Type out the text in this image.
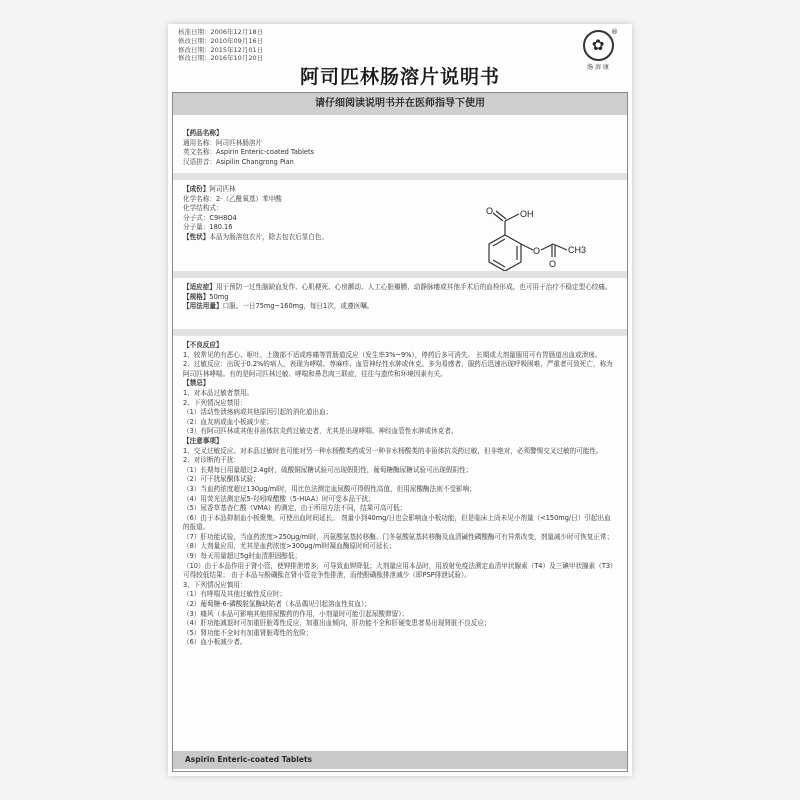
核准日期：2006年12月18日
修改日期：2010年09月16日
修改日期：2015年12月01日
修改日期：2016年10月20日
®
✿
肠 溶 康
阿司匹林肠溶片说明书
请仔细阅读说明书并在医师指导下使用
【药品名称】
通用名称：阿司匹林肠溶片
英文名称：Aspirin Enteric-coated Tablets
汉语拼音：Asipilin Changrong Pian
【成份】阿司匹林
化学名称：2-（乙酰氧基）苯甲酸
化学结构式：
分子式：C9H8O4
分子量：180.16
【性状】本品为肠溶包衣片，除去包衣后显白色。
OH
O
O	CH3
O
【适应症】用于预防一过性脑缺血发作、心肌梗死、心房颤动、人工心脏瓣膜、动静脉瘘或其他手术后的血栓形成。也可用于治疗不稳定型心绞痛。
【规格】50mg
【用法用量】口服。一日75mg~160mg，每日1次，或遵医嘱。
【不良反应】
1、较常见的有恶心、呕吐、上腹部不适或疼痛等胃肠道反应（发生率3%~9%），停药后多可消失。 长期或大剂量服用可有胃肠道出血或溃疡。
2、过敏反应：出现于0.2%的病人，表现为哮喘、荨麻疹、血管神经性水肿或休克。多为易感者，服药后迅速出现呼吸困难，严重者可致死亡，称为阿司匹林哮喘。有的是阿司匹林过敏、哮喘和鼻息肉三联症，往往与遗传和环境因素有关。
【禁忌】
1、对本品过敏者禁用。
2、下列情况应禁用：
（1）活动性溃疡病或其他原因引起的消化道出血；
（2）血友病或血小板减少症；
（3）有阿司匹林或其他非甾体抗炎药过敏史者，尤其是出现哮喘、神经血管性水肿或休克者。
【注意事项】
1、交叉过敏反应。对本品过敏时也可能对另一种水杨酸类药或另一种非水杨酸类的非甾体抗炎药过敏，但非绝对，必须警惕交叉过敏的可能性。
2、对诊断的干扰：
（1）长期每日用量超过2.4g时，硫酸铜尿糖试验可出现假阳性，葡萄糖酶尿糖试验可出现假阴性；
（2）可干扰尿酮体试验；
（3）当血药浓度超过130μg/ml时，用比色法测定血尿酸可得假性高值，但用尿酸酶法则不受影响；
（4）用荧光法测定尿5-羟吲哚醋酸（5-HIAA）时可受本品干扰；
（5）尿香草基杏仁酸（VMA）的测定，由于所用方法不同，结果可高可低；
（6）由于本品抑制血小板聚集，可使出血时间延长。 剂量小到40mg/日也会影响血小板功能，但是临床上尚未见小剂量（<150mg/日）引起出血的报道。
（7）肝功能试验，当血药浓度>250μg/ml时，丙氨酸氨基转移酶、门冬氨酸氨基转移酶及血清碱性磷酸酶可有异常改变，剂量减少时可恢复正常；
（8）大剂量应用，尤其是血药浓度>300μg/ml时凝血酶原时间可延长；
（9）每天用量超过5g时血清胆固醇低；
（10）由于本品作用于肾小管，使钾排泄增多，可导致血钾降低；大剂量应用本品时，用放射免疫法测定血清甲状腺素（T4）及三碘甲状腺素（T3）可得较低结果； 由于本品与酚磺酞在肾小管竞争性排泄，而使酚磺酞排泄减少（即PSP排泄试验）。
3、下列情况应慎用：
（1）有哮喘及其他过敏性反应时；
（2）葡萄糖-6-磷酸脱氢酶缺陷者（本品偶见引起溶血性贫血）；
（3）痛风（本品可影响其他排尿酸药的作用，小剂量时可能引起尿酸滞留）；
（4）肝功能减退时可加重肝脏毒性反应，加重出血倾向，肝功能不全和肝硬变患者易出现肾脏不良反应；
（5）肾功能不全时有加重肾脏毒性的危险；
（6）血小板减少者。
Aspirin Enteric-coated Tablets
